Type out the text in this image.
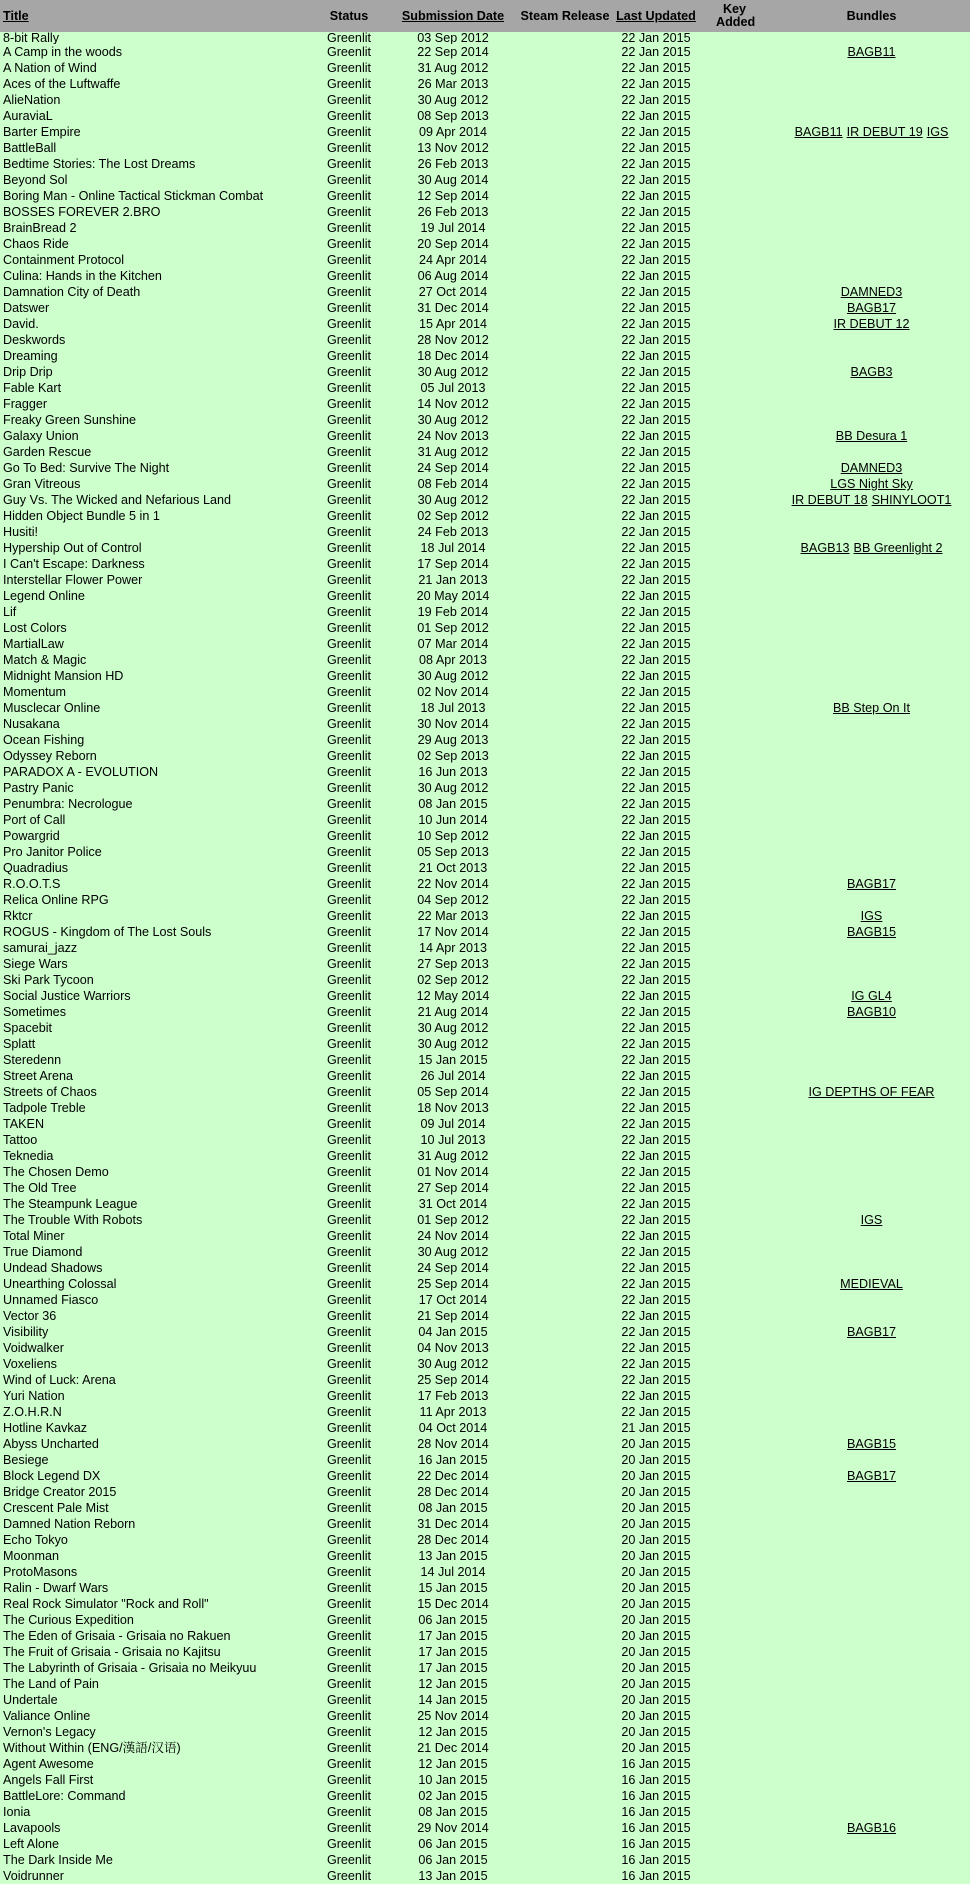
Title	Status	Submission Date	Steam Release	Last Updated	Key Added	Bundles
8-bit Rally	Greenlit	03 Sep 2012		22 Jan 2015		
A Camp in the woods	Greenlit	22 Sep 2014		22 Jan 2015		BAGB11
A Nation of Wind	Greenlit	31 Aug 2012		22 Jan 2015		
Aces of the Luftwaffe	Greenlit	26 Mar 2013		22 Jan 2015		
AlieNation	Greenlit	30 Aug 2012		22 Jan 2015		
AuraviaL	Greenlit	08 Sep 2013		22 Jan 2015		
Barter Empire	Greenlit	09 Apr 2014		22 Jan 2015		BAGB11 IR DEBUT 19 IGS
BattleBall	Greenlit	13 Nov 2012		22 Jan 2015		
Bedtime Stories: The Lost Dreams	Greenlit	26 Feb 2013		22 Jan 2015		
Beyond Sol	Greenlit	30 Aug 2014		22 Jan 2015		
Boring Man - Online Tactical Stickman Combat	Greenlit	12 Sep 2014		22 Jan 2015		
BOSSES FOREVER 2.BRO	Greenlit	26 Feb 2013		22 Jan 2015		
BrainBread 2	Greenlit	19 Jul 2014		22 Jan 2015		
Chaos Ride	Greenlit	20 Sep 2014		22 Jan 2015		
Containment Protocol	Greenlit	24 Apr 2014		22 Jan 2015		
Culina: Hands in the Kitchen	Greenlit	06 Aug 2014		22 Jan 2015		
Damnation City of Death	Greenlit	27 Oct 2014		22 Jan 2015		DAMNED3
Datswer	Greenlit	31 Dec 2014		22 Jan 2015		BAGB17
David.	Greenlit	15 Apr 2014		22 Jan 2015		IR DEBUT 12
Deskwords	Greenlit	28 Nov 2012		22 Jan 2015		
Dreaming	Greenlit	18 Dec 2014		22 Jan 2015		
Drip Drip	Greenlit	30 Aug 2012		22 Jan 2015		BAGB3
Fable Kart	Greenlit	05 Jul 2013		22 Jan 2015		
Fragger	Greenlit	14 Nov 2012		22 Jan 2015		
Freaky Green Sunshine	Greenlit	30 Aug 2012		22 Jan 2015		
Galaxy Union	Greenlit	24 Nov 2013		22 Jan 2015		BB Desura 1
Garden Rescue	Greenlit	31 Aug 2012		22 Jan 2015		
Go To Bed: Survive The Night	Greenlit	24 Sep 2014		22 Jan 2015		DAMNED3
Gran Vitreous	Greenlit	08 Feb 2014		22 Jan 2015		LGS Night Sky
Guy Vs. The Wicked and Nefarious Land	Greenlit	30 Aug 2012		22 Jan 2015		IR DEBUT 18 SHINYLOOT1
Hidden Object Bundle 5 in 1	Greenlit	02 Sep 2012		22 Jan 2015		
Husiti!	Greenlit	24 Feb 2013		22 Jan 2015		
Hypership Out of Control	Greenlit	18 Jul 2014		22 Jan 2015		BAGB13 BB Greenlight 2
I Can't Escape: Darkness	Greenlit	17 Sep 2014		22 Jan 2015		
Interstellar Flower Power	Greenlit	21 Jan 2013		22 Jan 2015		
Legend Online	Greenlit	20 May 2014		22 Jan 2015		
Lif	Greenlit	19 Feb 2014		22 Jan 2015		
Lost Colors	Greenlit	01 Sep 2012		22 Jan 2015		
MartialLaw	Greenlit	07 Mar 2014		22 Jan 2015		
Match & Magic	Greenlit	08 Apr 2013		22 Jan 2015		
Midnight Mansion HD	Greenlit	30 Aug 2012		22 Jan 2015		
Momentum	Greenlit	02 Nov 2014		22 Jan 2015		
Musclecar Online	Greenlit	18 Jul 2013		22 Jan 2015		BB Step On It
Nusakana	Greenlit	30 Nov 2014		22 Jan 2015		
Ocean Fishing	Greenlit	29 Aug 2013		22 Jan 2015		
Odyssey Reborn	Greenlit	02 Sep 2013		22 Jan 2015		
PARADOX A - EVOLUTION	Greenlit	16 Jun 2013		22 Jan 2015		
Pastry Panic	Greenlit	30 Aug 2012		22 Jan 2015		
Penumbra: Necrologue	Greenlit	08 Jan 2015		22 Jan 2015		
Port of Call	Greenlit	10 Jun 2014		22 Jan 2015		
Powargrid	Greenlit	10 Sep 2012		22 Jan 2015		
Pro Janitor Police	Greenlit	05 Sep 2013		22 Jan 2015		
Quadradius	Greenlit	21 Oct 2013		22 Jan 2015		
R.O.O.T.S	Greenlit	22 Nov 2014		22 Jan 2015		BAGB17
Relica Online RPG	Greenlit	04 Sep 2012		22 Jan 2015		
Rktcr	Greenlit	22 Mar 2013		22 Jan 2015		IGS
ROGUS - Kingdom of The Lost Souls	Greenlit	17 Nov 2014		22 Jan 2015		BAGB15
samurai_jazz	Greenlit	14 Apr 2013		22 Jan 2015		
Siege Wars	Greenlit	27 Sep 2013		22 Jan 2015		
Ski Park Tycoon	Greenlit	02 Sep 2012		22 Jan 2015		
Social Justice Warriors	Greenlit	12 May 2014		22 Jan 2015		IG GL4
Sometimes	Greenlit	21 Aug 2014		22 Jan 2015		BAGB10
Spacebit	Greenlit	30 Aug 2012		22 Jan 2015		
Splatt	Greenlit	30 Aug 2012		22 Jan 2015		
Steredenn	Greenlit	15 Jan 2015		22 Jan 2015		
Street Arena	Greenlit	26 Jul 2014		22 Jan 2015		
Streets of Chaos	Greenlit	05 Sep 2014		22 Jan 2015		IG DEPTHS OF FEAR
Tadpole Treble	Greenlit	18 Nov 2013		22 Jan 2015		
TAKEN	Greenlit	09 Jul 2014		22 Jan 2015		
Tattoo	Greenlit	10 Jul 2013		22 Jan 2015		
Teknedia	Greenlit	31 Aug 2012		22 Jan 2015		
The Chosen Demo	Greenlit	01 Nov 2014		22 Jan 2015		
The Old Tree	Greenlit	27 Sep 2014		22 Jan 2015		
The Steampunk League	Greenlit	31 Oct 2014		22 Jan 2015		
The Trouble With Robots	Greenlit	01 Sep 2012		22 Jan 2015		IGS
Total Miner	Greenlit	24 Nov 2014		22 Jan 2015		
True Diamond	Greenlit	30 Aug 2012		22 Jan 2015		
Undead Shadows	Greenlit	24 Sep 2014		22 Jan 2015		
Unearthing Colossal	Greenlit	25 Sep 2014		22 Jan 2015		MEDIEVAL
Unnamed Fiasco	Greenlit	17 Oct 2014		22 Jan 2015		
Vector 36	Greenlit	21 Sep 2014		22 Jan 2015		
Visibility	Greenlit	04 Jan 2015		22 Jan 2015		BAGB17
Voidwalker	Greenlit	04 Nov 2013		22 Jan 2015		
Voxeliens	Greenlit	30 Aug 2012		22 Jan 2015		
Wind of Luck: Arena	Greenlit	25 Sep 2014		22 Jan 2015		
Yuri Nation	Greenlit	17 Feb 2013		22 Jan 2015		
Z.O.H.R.N	Greenlit	11 Apr 2013		22 Jan 2015		
Hotline Kavkaz	Greenlit	04 Oct 2014		21 Jan 2015		
Abyss Uncharted	Greenlit	28 Nov 2014		20 Jan 2015		BAGB15
Besiege	Greenlit	16 Jan 2015		20 Jan 2015		
Block Legend DX	Greenlit	22 Dec 2014		20 Jan 2015		BAGB17
Bridge Creator 2015	Greenlit	28 Dec 2014		20 Jan 2015		
Crescent Pale Mist	Greenlit	08 Jan 2015		20 Jan 2015		
Damned Nation Reborn	Greenlit	31 Dec 2014		20 Jan 2015		
Echo Tokyo	Greenlit	28 Dec 2014		20 Jan 2015		
Moonman	Greenlit	13 Jan 2015		20 Jan 2015		
ProtoMasons	Greenlit	14 Jul 2014		20 Jan 2015		
Ralin - Dwarf Wars	Greenlit	15 Jan 2015		20 Jan 2015		
Real Rock Simulator "Rock and Roll"	Greenlit	15 Dec 2014		20 Jan 2015		
The Curious Expedition	Greenlit	06 Jan 2015		20 Jan 2015		
The Eden of Grisaia - Grisaia no Rakuen	Greenlit	17 Jan 2015		20 Jan 2015		
The Fruit of Grisaia - Grisaia no Kajitsu	Greenlit	17 Jan 2015		20 Jan 2015		
The Labyrinth of Grisaia - Grisaia no Meikyuu	Greenlit	17 Jan 2015		20 Jan 2015		
The Land of Pain	Greenlit	12 Jan 2015		20 Jan 2015		
Undertale	Greenlit	14 Jan 2015		20 Jan 2015		
Valiance Online	Greenlit	25 Nov 2014		20 Jan 2015		
Vernon's Legacy	Greenlit	12 Jan 2015		20 Jan 2015		
Without Within (ENG/漢語/汉语)	Greenlit	21 Dec 2014		20 Jan 2015		
Agent Awesome	Greenlit	12 Jan 2015		16 Jan 2015		
Angels Fall First	Greenlit	10 Jan 2015		16 Jan 2015		
BattleLore: Command	Greenlit	02 Jan 2015		16 Jan 2015		
Ionia	Greenlit	08 Jan 2015		16 Jan 2015		
Lavapools	Greenlit	29 Nov 2014		16 Jan 2015		BAGB16
Left Alone	Greenlit	06 Jan 2015		16 Jan 2015		
The Dark Inside Me	Greenlit	06 Jan 2015		16 Jan 2015		
Voidrunner	Greenlit	13 Jan 2015		16 Jan 2015		
